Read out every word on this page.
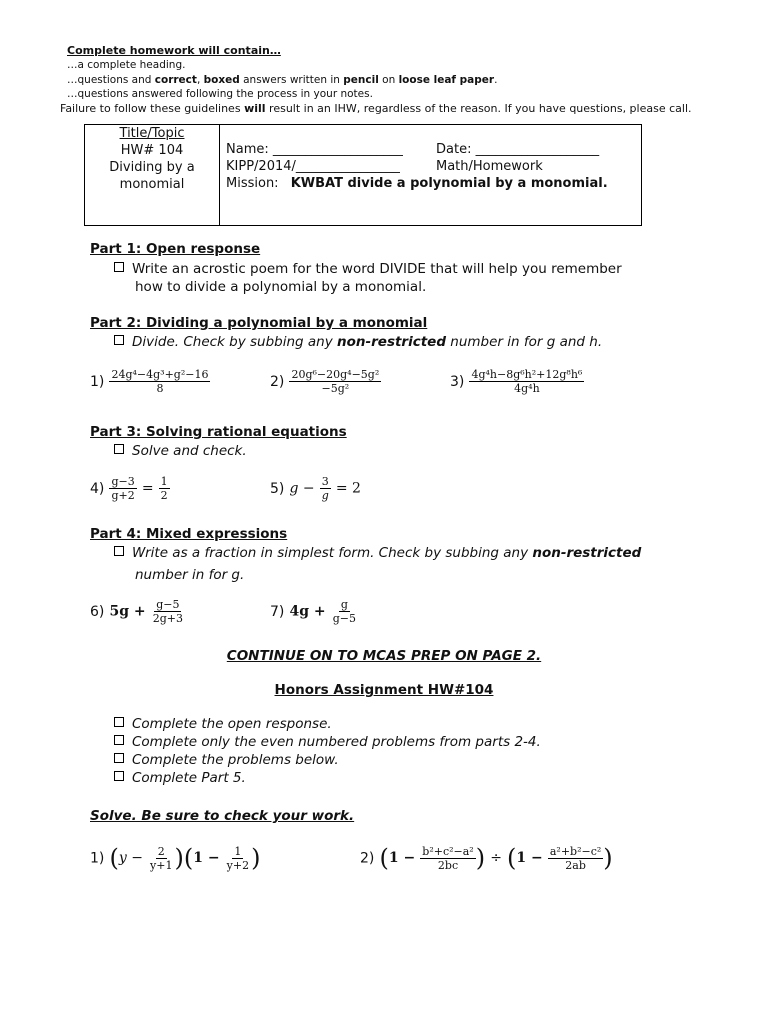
Complete homework will contain…
…a complete heading.
…questions and correct, boxed answers written in pencil on loose leaf paper.
…questions answered following the process in your notes.
Failure to follow these guidelines will result in an IHW, regardless of the reason. If you have questions, please call.
Title/Topic
HW# 104
Dividing by a
monomial
Name: ____________________	Date: ___________________
KIPP/2014/________________	Math/Homework
Mission: KWBAT divide a polynomial by a monomial.
Part 1: Open response
Write an acrostic poem for the word DIVIDE that will help you remember
how to divide a polynomial by a monomial.
Part 2: Dividing a polynomial by a monomial
Divide. Check by subbing any non-restricted number in for g and h.
$1) \frac{\text{24g⁴−4g³+g²−16}}{8}$	$2) \frac{\text{20g⁶−20g⁴−5g²}}{\text{−5g²}}$	$3) \frac{\text{4g⁴h−8g⁶h²+12g⁸h⁶}}{\text{4g⁴h}}$
Part 3: Solving rational equations
Solve and check.
$4) \frac{g-3}{g+2} = \frac{1}{2}$	5) $g - \frac{3}{g} = 2$
Part 4: Mixed expressions
Write as a fraction in simplest form. Check by subbing any non-restricted
number in for g.
6) $5g + \frac{g-5}{2g+3}$	7) $4g + \frac{g}{g-5}$
CONTINUE ON TO MCAS PREP ON PAGE 2.
Honors Assignment HW#104
Complete the open response.
Complete only the even numbered problems from parts 2-4.
Complete the problems below.
Complete Part 5.
Solve. Be sure to check your work.
1) $(y - \frac{2}{y+1} )(1 - \frac{1}{y+2}$ )	2) ($1 - \frac{\text{b²+c²−a²}}{2bc}$ ) ÷ ($1 - \frac{\text{a²+b²−c²}}{2ab}$ )
